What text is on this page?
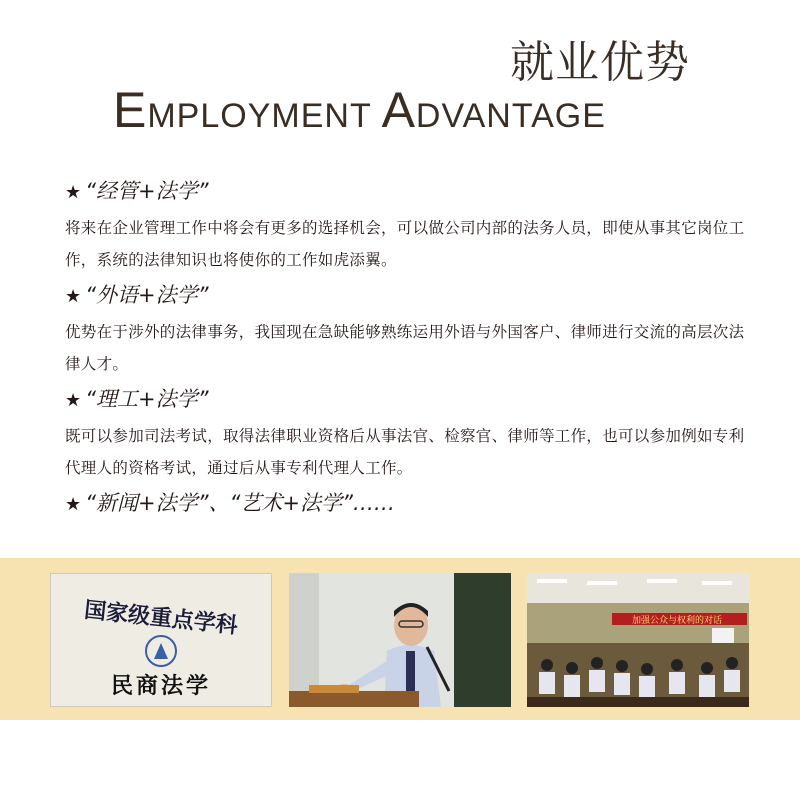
就业优势
EMPLOYMENT ADVANTAGE
★ “经管+法学”
将来在企业管理工作中将会有更多的选择机会，可以做公司内部的法务人员，即使从事其它岗位工作，系统的法律知识也将使你的工作如虎添翼。
★ “外语+法学”
优势在于涉外的法律事务，我国现在急缺能够熟练运用外语与外国客户、律师进行交流的高层次法律人才。
★ “理工+法学”
既可以参加司法考试，取得法律职业资格后从事法官、检察官、律师等工作，也可以参加例如专利代理人的资格考试，通过后从事专利代理人工作。
★ “新闻+法学”、“艺术+法学”……
国家级重点学科
民商法学
加强公众与权利的对话
